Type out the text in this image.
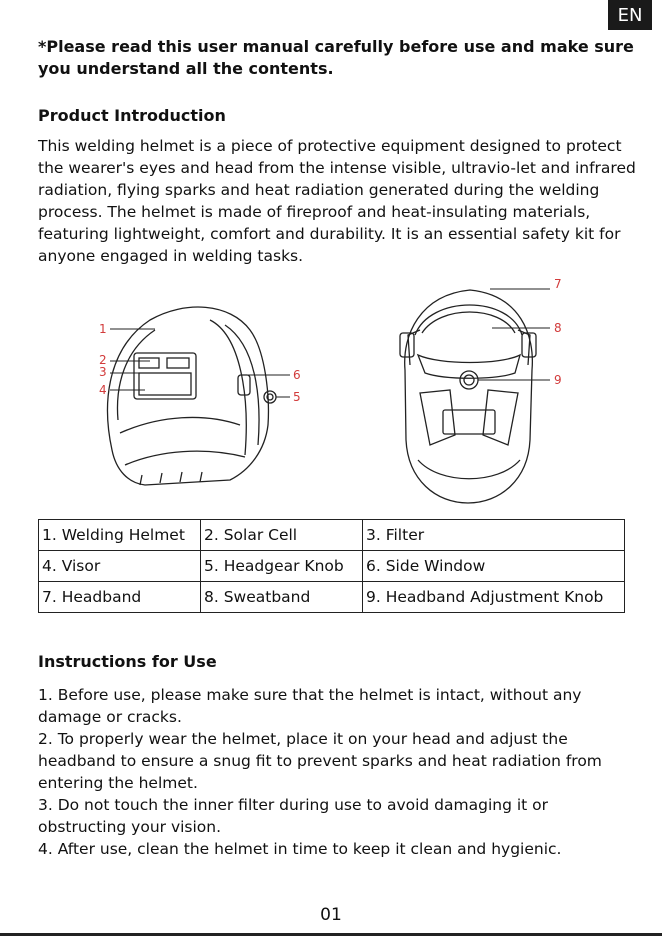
EN
*Please read this user manual carefully before use and make sure you understand all the contents.
Product Introduction
This welding helmet is a piece of protective equipment designed to protect the wearer's eyes and head from the intense visible, ultravio-let and infrared radiation, flying sparks and heat radiation generated during the welding process. The helmet is made of fireproof and heat-insulating materials, featuring lightweight, comfort and durability. It is an essential safety kit for anyone engaged in welding tasks.
1
2
3
4
6
5
7
8
9
1. Welding Helmet	2. Solar Cell	3. Filter
4. Visor	5. Headgear Knob	6. Side Window
7. Headband	8. Sweatband	9. Headband Adjustment Knob
Instructions for Use
1. Before use, please make sure that the helmet is intact, without any damage or cracks.
2. To properly wear the helmet, place it on your head and adjust the headband to ensure a snug fit to prevent sparks and heat radiation from entering the helmet.
3. Do not touch the inner filter during use to avoid damaging it or obstructing your vision.
4. After use, clean the helmet in time to keep it clean and hygienic.
01
